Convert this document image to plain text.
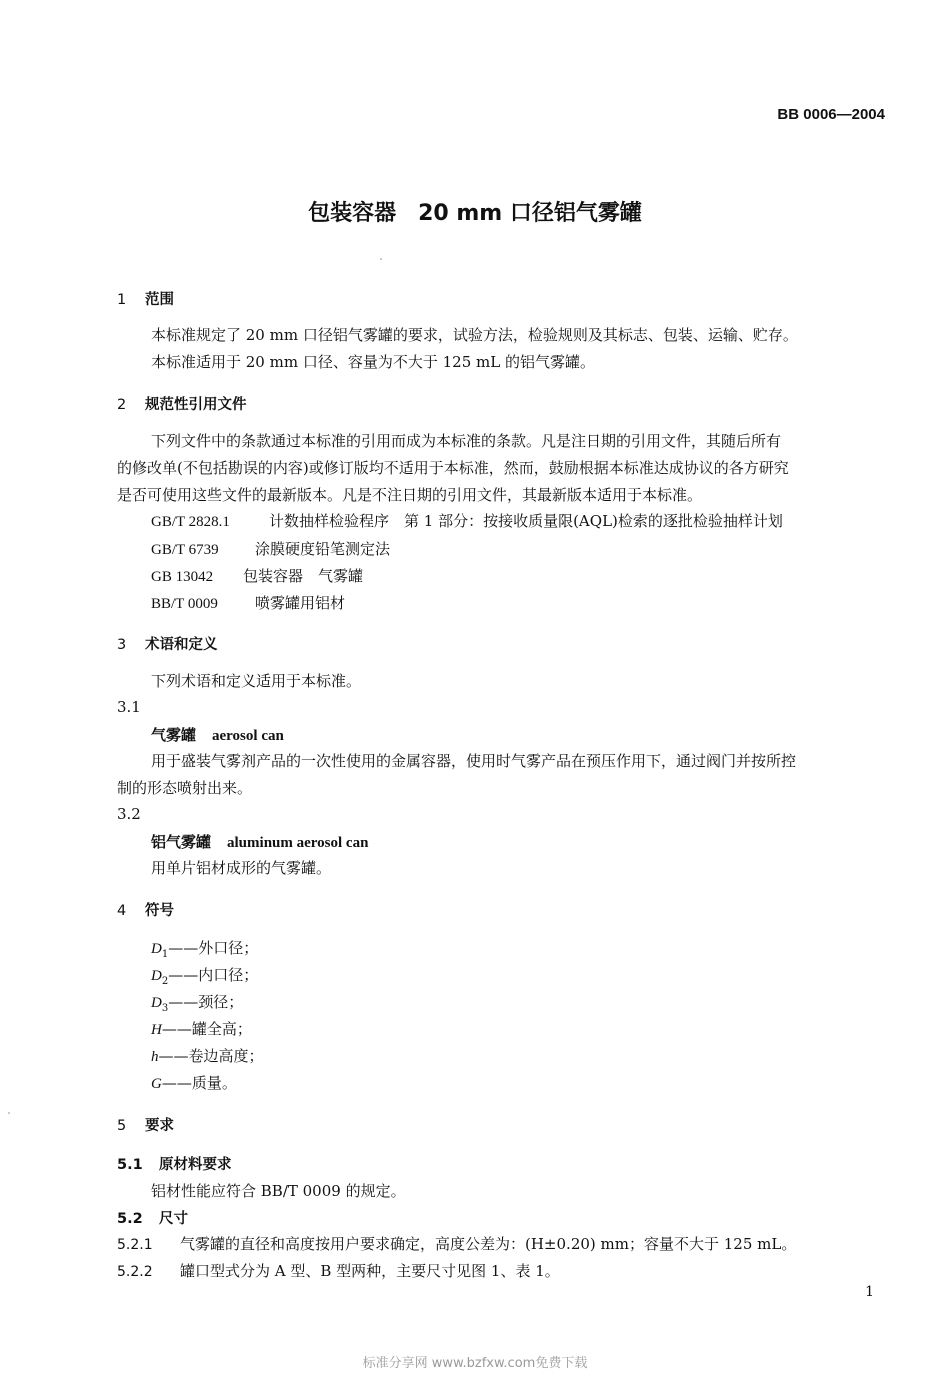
BB 0006—2004
包装容器　20 mm 口径铝气雾罐
1 范围
本标准规定了 20 mm 口径铝气雾罐的要求，试验方法，检验规则及其标志、包装、运输、贮存。
本标准适用于 20 mm 口径、容量为不大于 125 mL 的铝气雾罐。
2 规范性引用文件
下列文件中的条款通过本标准的引用而成为本标准的条款。凡是注日期的引用文件，其随后所有
的修改单(不包括勘误的内容)或修订版均不适用于本标准，然而，鼓励根据本标准达成协议的各方研究
是否可使用这些文件的最新版本。凡是不注日期的引用文件，其最新版本适用于本标准。
GB/T 2828.1	计数抽样检验程序　第 1 部分：按接收质量限(AQL)检索的逐批检验抽样计划
GB/T 6739 涂膜硬度铅笔测定法
GB 13042 包装容器　气雾罐
BB/T 0009 喷雾罐用铝材
3 术语和定义
下列术语和定义适用于本标准。
3.1
气雾罐 aerosol can
用于盛装气雾剂产品的一次性使用的金属容器，使用时气雾产品在预压作用下，通过阀门并按所控
制的形态喷射出来。
3.2
铝气雾罐 aluminum aerosol can
用单片铝材成形的气雾罐。
4 符号
$D_1——$外口径；
$D_2——$内口径；
$D_3——$颈径；
H——罐全高；
h——卷边高度；
G——质量。
5 要求
5.1 原材料要求
铝材性能应符合 BB/T 0009 的规定。
5.2 尺寸
5.2.1 气雾罐的直径和高度按用户要求确定，高度公差为：(H±0.20) mm；容量不大于 125 mL。
5.2.2 罐口型式分为 A 型、B 型两种，主要尺寸见图 1、表 1。
1
标准分享网 www.bzfxw.com免费下载
